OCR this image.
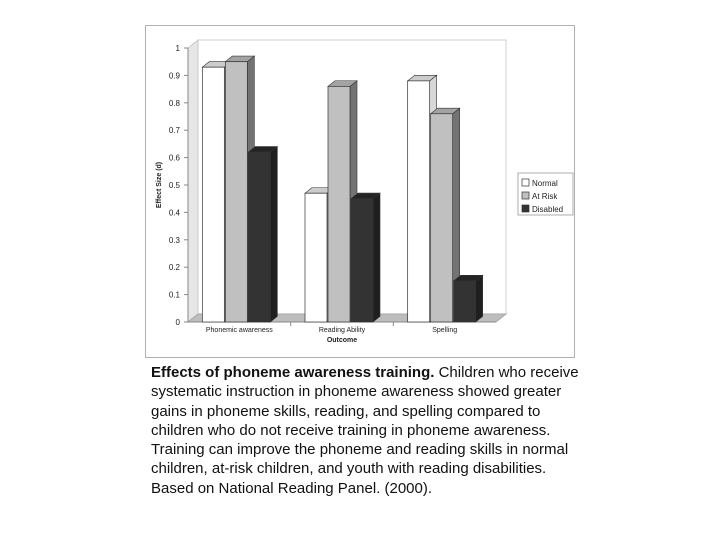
0
0.1
0.2
0.3
0.4
0.5
0.6
0.7
0.8
0.9
1
Effect Size (d)
Phonemic awareness	Reading Ability	Spelling
Outcome
Normal
At Risk
Disabled
Effects of phoneme awareness training. Children who receive systematic instruction in phoneme awareness showed greater gains in phoneme skills, reading, and spelling compared to children who do not receive training in phoneme awareness. Training can improve the phoneme and reading skills in normal children, at-risk children, and youth with reading disabilities. Based on National Reading Panel. (2000).
